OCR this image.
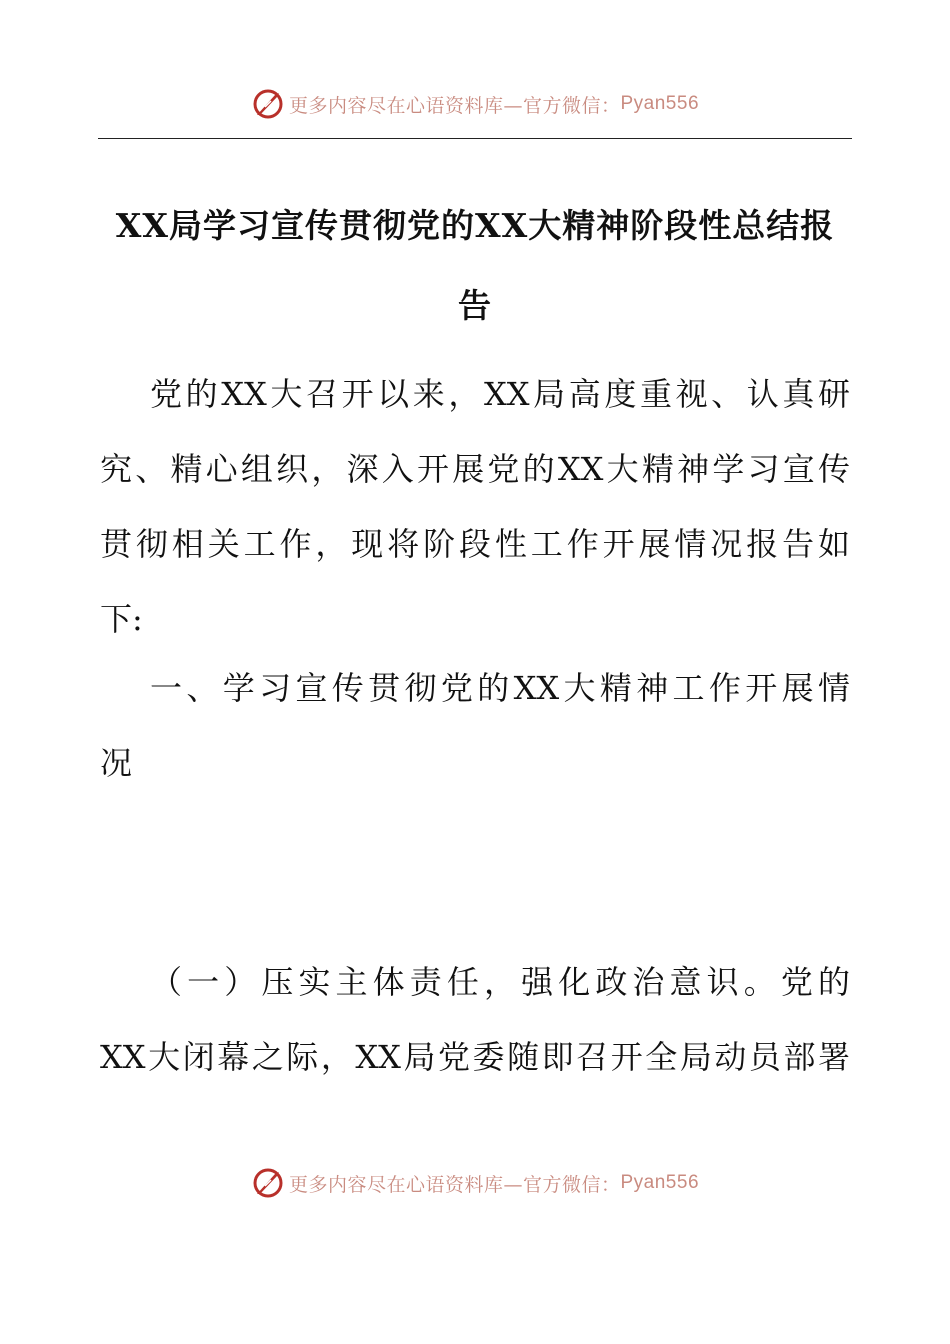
更多内容尽在心语资料库—官方微信： Pyan556
XX局学习宣传贯彻党的XX大精神阶段性总结报
告
党的XX大召开以来，XX局高度重视、认真研
究、精心组织，深入开展党的XX大精神学习宣传
贯彻相关工作，现将阶段性工作开展情况报告如
下:
一、学习宣传贯彻党的XX大精神工作开展情
况
（一）压实主体责任，强化政治意识。党的
XX大闭幕之际，XX局党委随即召开全局动员部署
更多内容尽在心语资料库—官方微信： Pyan556
